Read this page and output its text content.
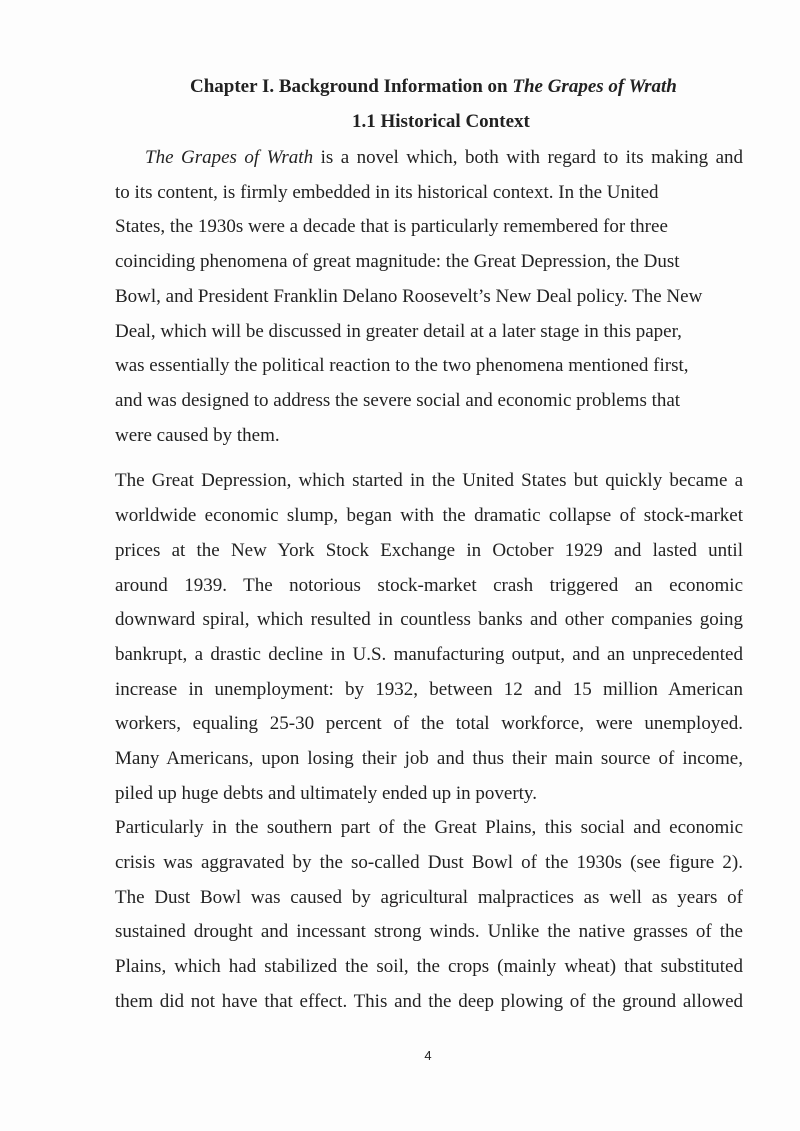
Chapter I. Background Information on The Grapes of Wrath
1.1 Historical Context
The Grapes of Wrath is a novel which, both with regard to its making and
to its content, is firmly embedded in its historical context. In the United
States, the 1930s were a decade that is particularly remembered for three
coinciding phenomena of great magnitude: the Great Depression, the Dust
Bowl, and President Franklin Delano Roosevelt’s New Deal policy. The New
Deal, which will be discussed in greater detail at a later stage in this paper,
was essentially the political reaction to the two phenomena mentioned first,
and was designed to address the severe social and economic problems that
were caused by them.
The Great Depression, which started in the United States but quickly became a
worldwide economic slump, began with the dramatic collapse of stock-market
prices at the New York Stock Exchange in October 1929 and lasted until
around 1939. The notorious stock-market crash triggered an economic
downward spiral, which resulted in countless banks and other companies going
bankrupt, a drastic decline in U.S. manufacturing output, and an unprecedented
increase in unemployment: by 1932, between 12 and 15 million American
workers, equaling 25-30 percent of the total workforce, were unemployed.
Many Americans, upon losing their job and thus their main source of income,
piled up huge debts and ultimately ended up in poverty.
Particularly in the southern part of the Great Plains, this social and economic
crisis was aggravated by the so-called Dust Bowl of the 1930s (see figure 2).
The Dust Bowl was caused by agricultural malpractices as well as years of
sustained drought and incessant strong winds. Unlike the native grasses of the
Plains, which had stabilized the soil, the crops (mainly wheat) that substituted
them did not have that effect. This and the deep plowing of the ground allowed
4
